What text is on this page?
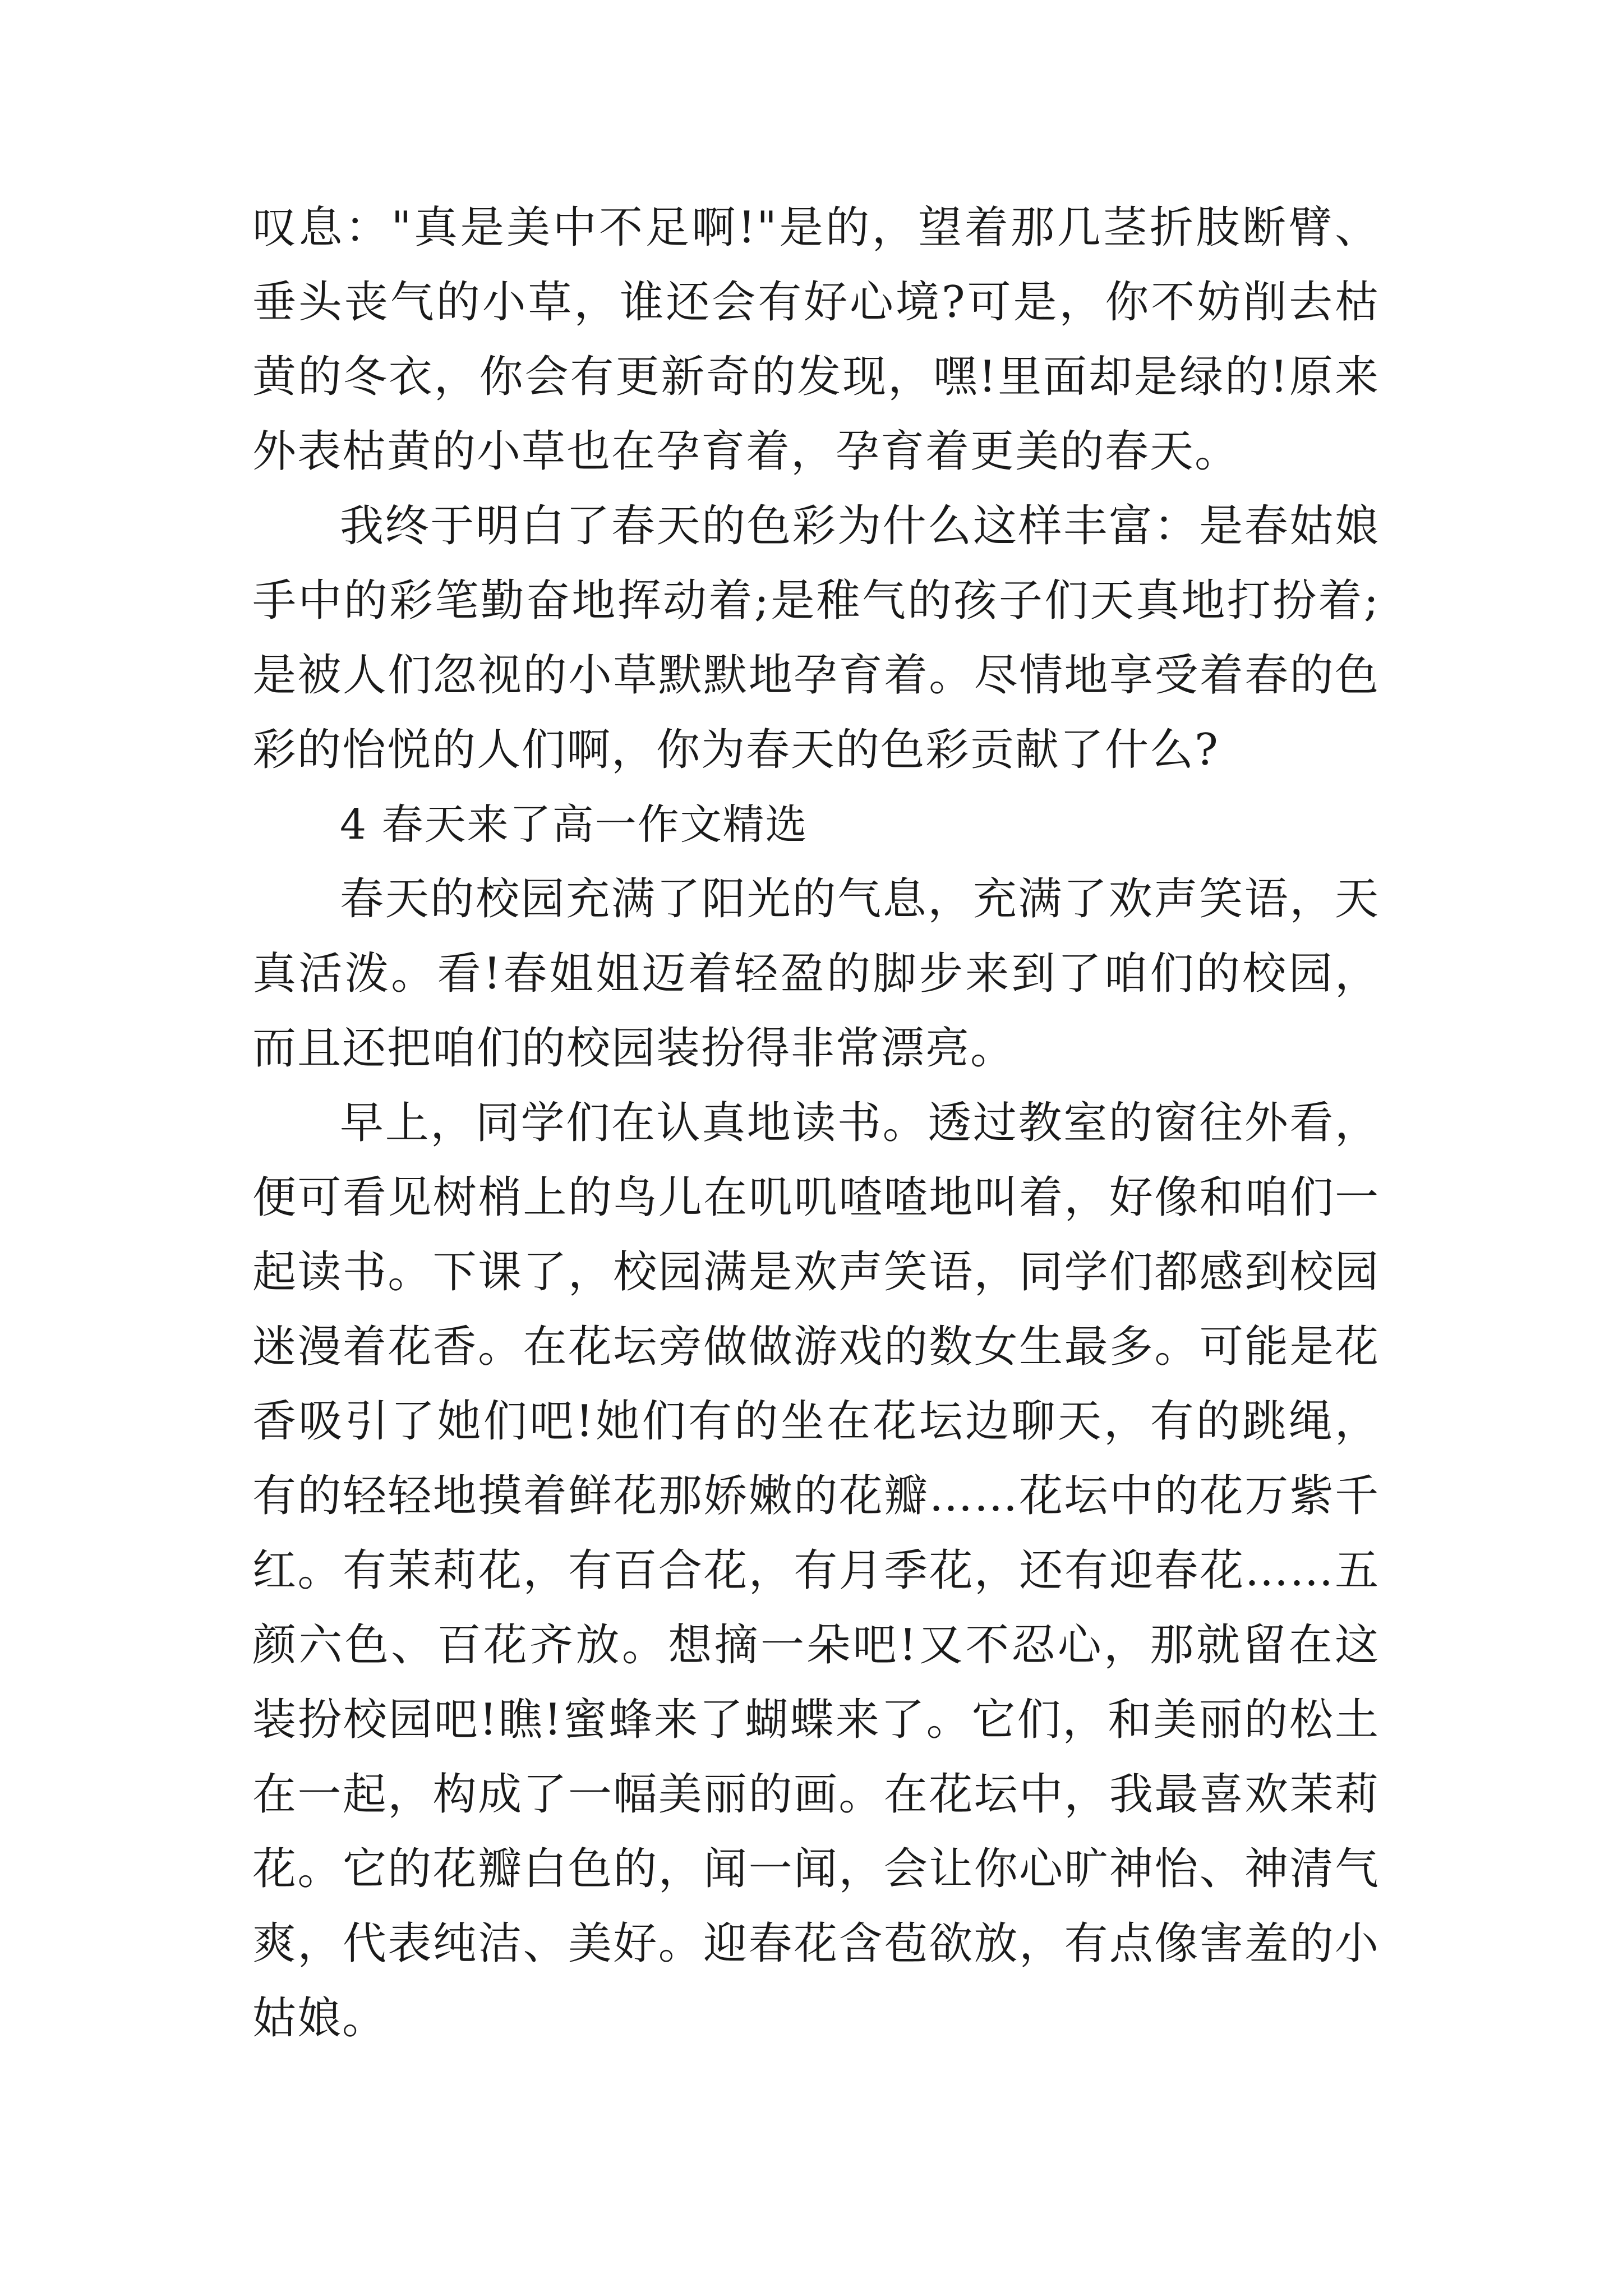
叹息："真是美中不足啊!"是的，望着那几茎折肢断臂、垂头丧气的小草，谁还会有好心境?可是，你不妨削去枯黄的冬衣，你会有更新奇的发现，嘿!里面却是绿的!原来外表枯黄的小草也在孕育着，孕育着更美的春天。

我终于明白了春天的色彩为什么这样丰富：是春姑娘手中的彩笔勤奋地挥动着;是稚气的孩子们天真地打扮着;是被人们忽视的小草默默地孕育着。尽情地享受着春的色彩的怡悦的人们啊，你为春天的色彩贡献了什么?

4 春天来了高一作文精选

春天的校园充满了阳光的气息，充满了欢声笑语，天真活泼。看!春姐姐迈着轻盈的脚步来到了咱们的校园，而且还把咱们的校园装扮得非常漂亮。

早上，同学们在认真地读书。透过教室的窗往外看，便可看见树梢上的鸟儿在叽叽喳喳地叫着，好像和咱们一起读书。下课了，校园满是欢声笑语，同学们都感到校园迷漫着花香。在花坛旁做做游戏的数女生最多。可能是花香吸引了她们吧!她们有的坐在花坛边聊天，有的跳绳，有的轻轻地摸着鲜花那娇嫩的花瓣……花坛中的花万紫千红。有茉莉花，有百合花，有月季花，还有迎春花……五颜六色、百花齐放。想摘一朵吧!又不忍心，那就留在这装扮校园吧!瞧!蜜蜂来了蝴蝶来了。它们，和美丽的松土在一起，构成了一幅美丽的画。在花坛中，我最喜欢茉莉花。它的花瓣白色的，闻一闻，会让你心旷神怡、神清气爽，代表纯洁、美好。迎春花含苞欲放，有点像害羞的小姑娘。
